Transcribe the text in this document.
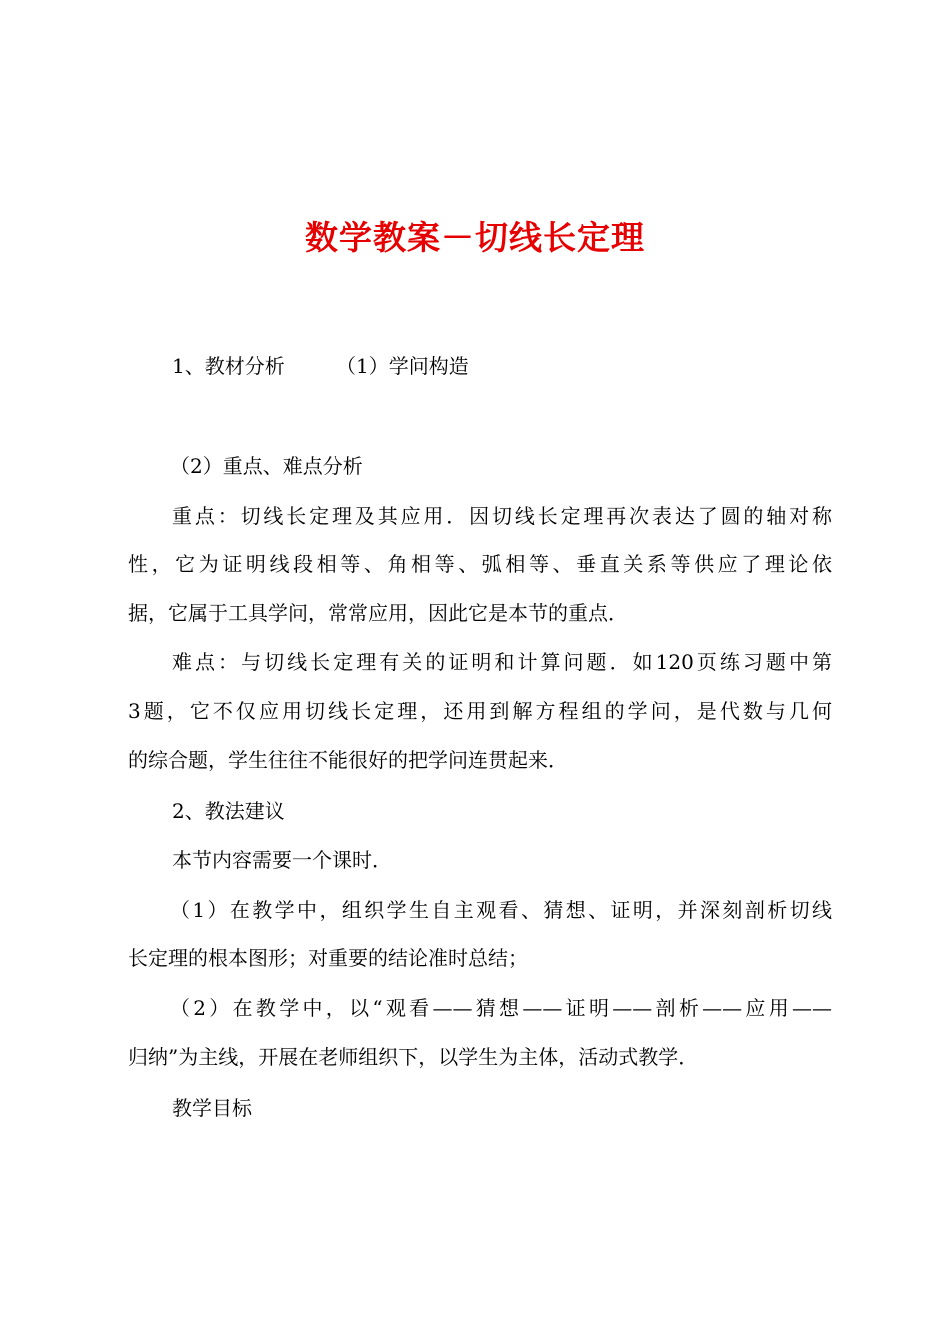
数学教案－切线长定理
1、教材分析	（1）学问构造
（2）重点、难点分析
重点：切线长定理及其应用．因切线长定理再次表达了圆的轴对称
性，它为证明线段相等、角相等、弧相等、垂直关系等供应了理论依
据，它属于工具学问，常常应用，因此它是本节的重点．
难点：与切线长定理有关的证明和计算问题．如120页练习题中第
3题，它不仅应用切线长定理，还用到解方程组的学问，是代数与几何
的综合题，学生往往不能很好的把学问连贯起来．
2、教法建议
本节内容需要一个课时．
（1）在教学中，组织学生自主观看、猜想、证明，并深刻剖析切线
长定理的根本图形；对重要的结论准时总结；
（2）在教学中，以“观看——猜想——证明——剖析——应用——
归纳”为主线，开展在老师组织下，以学生为主体，活动式教学．
教学目标
